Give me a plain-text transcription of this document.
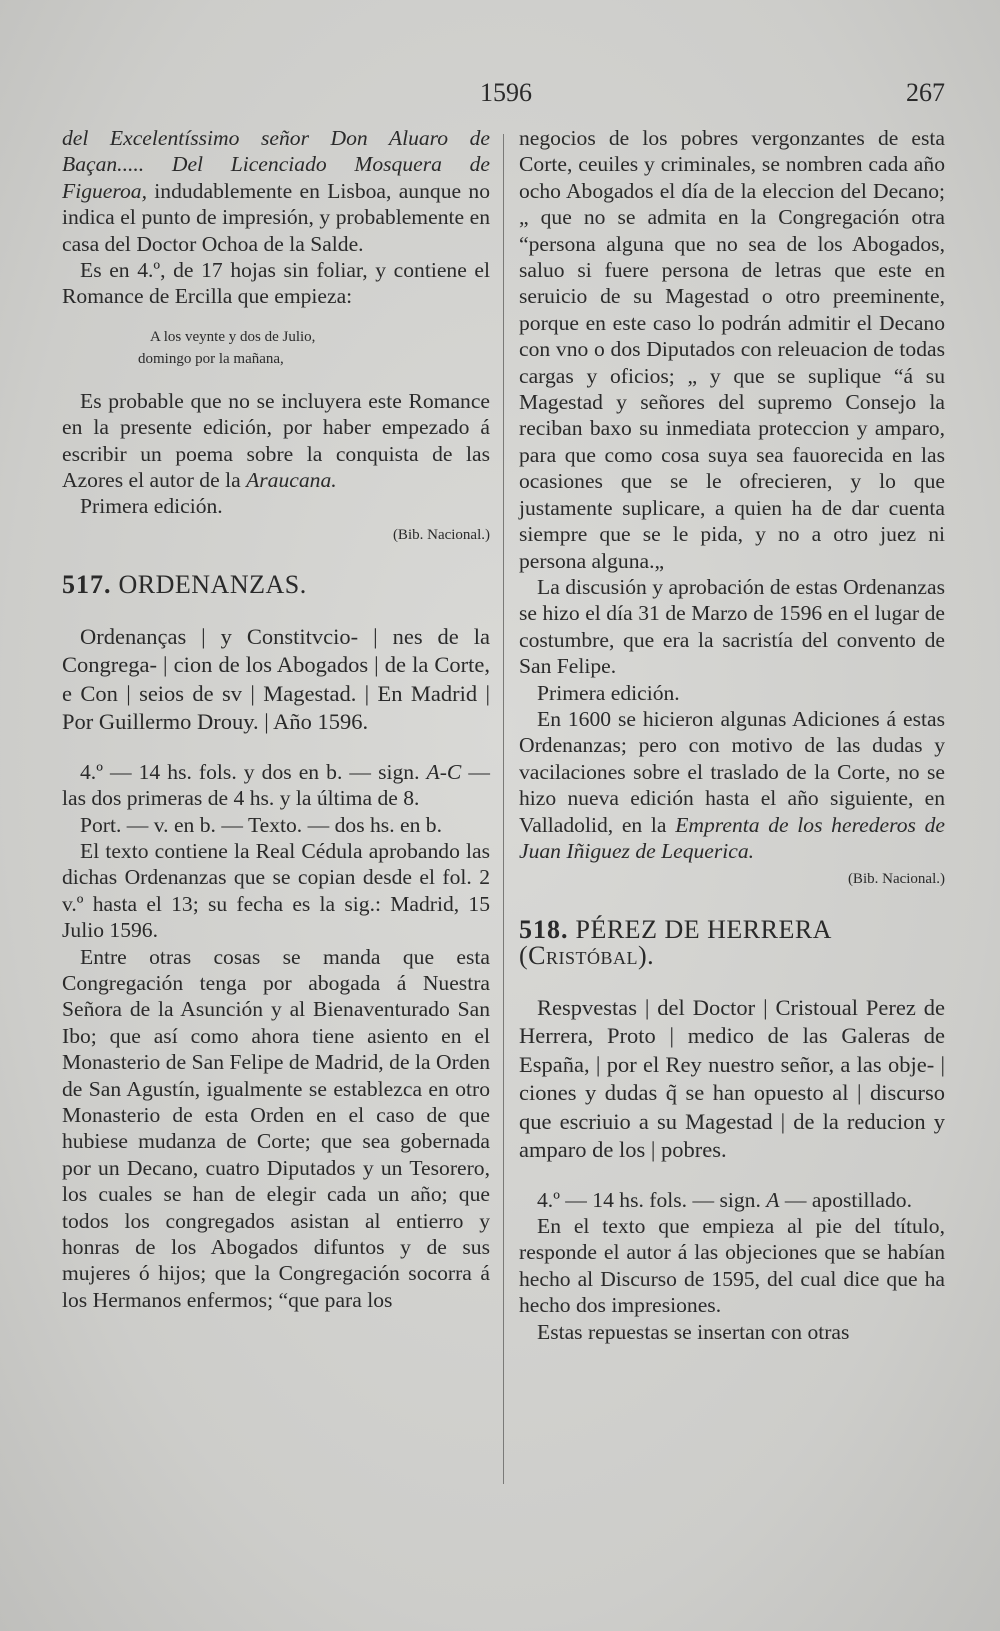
1596	267

del Excelentíssimo señor Don Aluaro de Baçan..... Del Licenciado Mosquera de Figueroa, indudablemente en Lisboa, aunque no indica el punto de impresión, y probablemente en casa del Doctor Ochoa de la Salde.

Es en 4.º, de 17 hojas sin foliar, y contiene el Romance de Ercilla que empieza:

A los veynte y dos de Julio,
domingo por la mañana,

Es probable que no se incluyera este Romance en la presente edición, por haber empezado á escribir un poema sobre la conquista de las Azores el autor de la Araucana.

Primera edición.

(Bib. Nacional.)

517. ORDENANZAS.

Ordenanças | y Constitvcio- | nes de la Congrega- | cion de los Abogados | de la Corte, e Con | seios de sv | Magestad. | En Madrid | Por Guillermo Drouy. | Año 1596.

4.º — 14 hs. fols. y dos en b. — sign. A-C — las dos primeras de 4 hs. y la última de 8.

Port. — v. en b. — Texto. — dos hs. en b.

El texto contiene la Real Cédula aprobando las dichas Ordenanzas que se copian desde el fol. 2 v.º hasta el 13; su fecha es la sig.: Madrid, 15 Julio 1596.

Entre otras cosas se manda que esta Congregación tenga por abogada á Nuestra Señora de la Asunción y al Bienaventurado San Ibo; que así como ahora tiene asiento en el Monasterio de San Felipe de Madrid, de la Orden de San Agustín, igualmente se establezca en otro Monasterio de esta Orden en el caso de que hubiese mudanza de Corte; que sea gobernada por un Decano, cuatro Diputados y un Tesorero, los cuales se han de elegir cada un año; que todos los congregados asistan al entierro y honras de los Abogados difuntos y de sus mujeres ó hijos; que la Congregación socorra á los Hermanos enfermos; “que para los

negocios de los pobres vergonzantes de esta Corte, ceuiles y criminales, se nombren cada año ocho Abogados el día de la eleccion del Decano; „ que no se admita en la Congregación otra “persona alguna que no sea de los Abogados, saluo si fuere persona de letras que este en seruicio de su Magestad o otro preeminente, porque en este caso lo podrán admitir el Decano con vno o dos Diputados con releuacion de todas cargas y oficios; „ y que se suplique “á su Magestad y señores del supremo Consejo la reciban baxo su inmediata proteccion y amparo, para que como cosa suya sea fauorecida en las ocasiones que se le ofrecieren, y lo que justamente suplicare, a quien ha de dar cuenta siempre que se le pida, y no a otro juez ni persona alguna.„

La discusión y aprobación de estas Ordenanzas se hizo el día 31 de Marzo de 1596 en el lugar de costumbre, que era la sacristía del convento de San Felipe.

Primera edición.

En 1600 se hicieron algunas Adiciones á estas Ordenanzas; pero con motivo de las dudas y vacilaciones sobre el traslado de la Corte, no se hizo nueva edición hasta el año siguiente, en Valladolid, en la Emprenta de los herederos de Juan Iñiguez de Lequerica.

(Bib. Nacional.)

518. PÉREZ DE HERRERA (Cristóbal).

Respvestas | del Doctor | Cristoual Perez de Herrera, Proto | medico de las Galeras de España, | por el Rey nuestro señor, a las obje- | ciones y dudas q̃ se han opuesto al | discurso que escriuio a su Magestad | de la reducion y amparo de los | pobres.

4.º — 14 hs. fols. — sign. A — apostillado.

En el texto que empieza al pie del título, responde el autor á las objeciones que se habían hecho al Discurso de 1595, del cual dice que ha hecho dos impresiones.

Estas repuestas se insertan con otras
